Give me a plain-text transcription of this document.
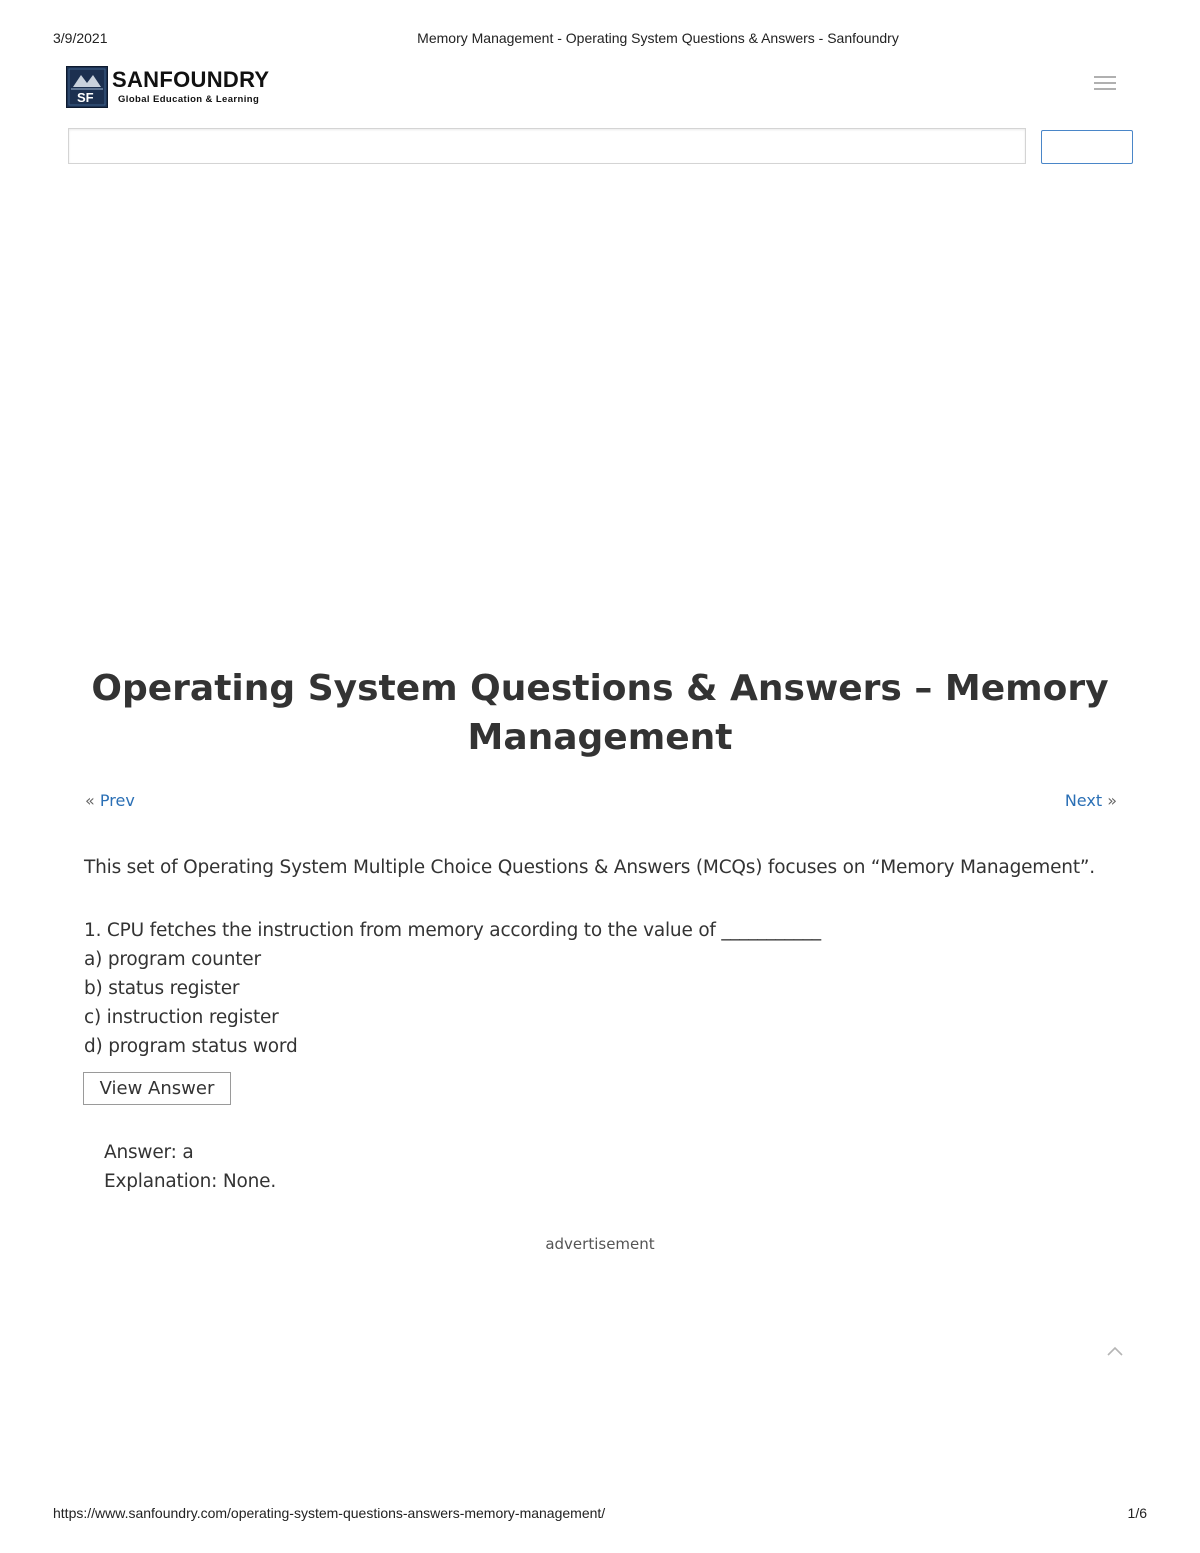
3/9/2021	Memory Management - Operating System Questions & Answers - Sanfoundry
SF
SANFOUNDRY
Global Education & Learning
Operating System Questions & Answers – Memory Management
« Prev	Next »
This set of Operating System Multiple Choice Questions & Answers (MCQs) focuses on “Memory Management”.
1. CPU fetches the instruction from memory according to the value of ___________
a) program counter
b) status register
c) instruction register
d) program status word
View Answer
Answer: a
Explanation: None.
advertisement
https://www.sanfoundry.com/operating-system-questions-answers-memory-management/	1/6
